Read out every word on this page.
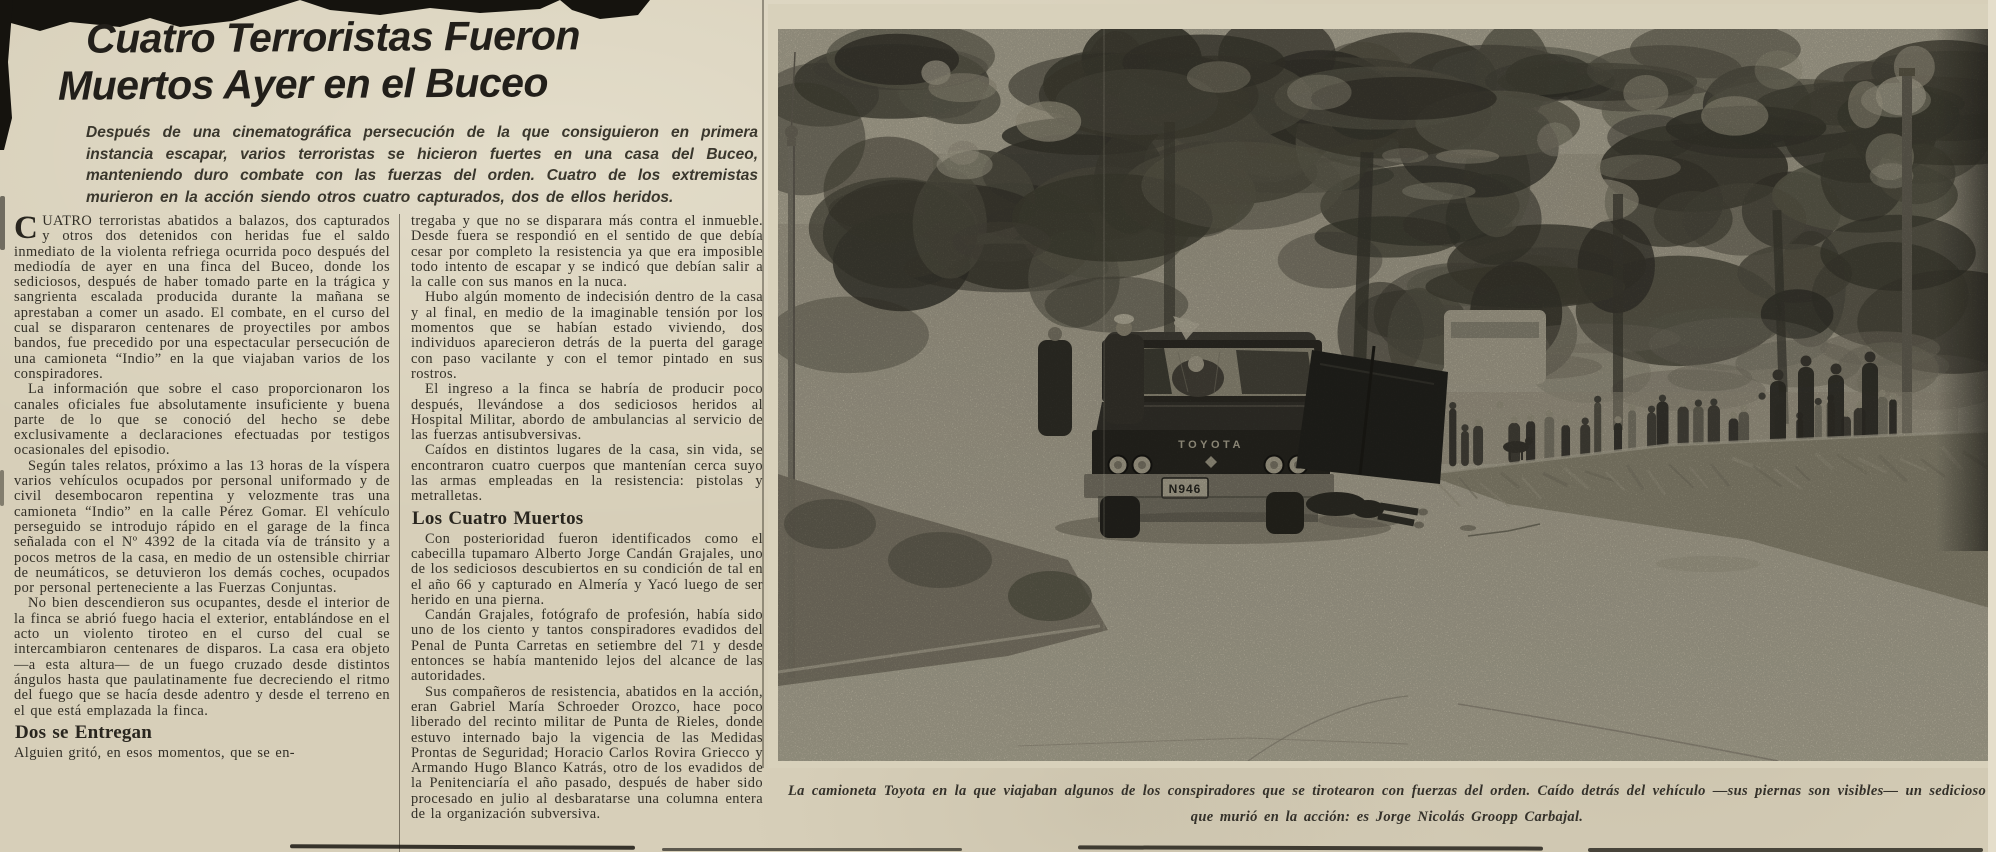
Cuatro Terroristas Fueron
Muertos Ayer en el Buceo
Después de una cinematográfica persecución de la que consiguieron en primera instancia escapar, varios terroristas se hicieron fuertes en una casa del Buceo, manteniendo duro combate con las fuerzas del orden. Cuatro de los extremistas murieron en la acción siendo otros cuatro capturados, dos de ellos heridos.

CUATRO terroristas abatidos a balazos, dos capturados y otros dos detenidos con heridas fue el saldo inmediato de la violenta refriega ocurrida poco después del mediodía de ayer en una finca del Buceo, donde los sediciosos, después de haber tomado parte en la trágica y sangrienta escalada producida durante la mañana se aprestaban a comer un asado. El combate, en el curso del cual se dispararon centenares de proyectiles por ambos bandos, fue precedido por una espectacular persecución de una camioneta “Indio” en la que viajaban varios de los conspiradores.

La información que sobre el caso proporcionaron los canales oficiales fue absolutamente insuficiente y buena parte de lo que se conoció del hecho se debe exclusivamente a declaraciones efectuadas por testigos ocasionales del episodio.

Según tales relatos, próximo a las 13 horas de la víspera varios vehículos ocupados por personal uniformado y de civil desembocaron repentina y velozmente tras una camioneta “Indio” en la calle Pérez Gomar. El vehículo perseguido se introdujo rápido en el garage de la finca señalada con el Nº 4392 de la citada vía de tránsito y a pocos metros de la casa, en medio de un ostensible chirriar de neumáticos, se detuvieron los demás coches, ocupados por personal perteneciente a las Fuerzas Conjuntas.

No bien descendieron sus ocupantes, desde el interior de la finca se abrió fuego hacia el exterior, entablándose en el acto un violento tiroteo en el curso del cual se intercambiaron centenares de disparos. La casa era objeto —a esta altura— de un fuego cruzado desde distintos ángulos hasta que paulatinamente fue decreciendo el ritmo del fuego que se hacía desde adentro y desde el terreno en el que está emplazada la finca.

Dos se Entregan

Alguien gritó, en esos momentos, que se en-

tregaba y que no se disparara más contra el inmueble. Desde fuera se respondió en el sentido de que debía cesar por completo la resistencia ya que era imposible todo intento de escapar y se indicó que debían salir a la calle con sus manos en la nuca.

Hubo algún momento de indecisión dentro de la casa y al final, en medio de la imaginable tensión por los momentos que se habían estado viviendo, dos individuos aparecieron detrás de la puerta del garage con paso vacilante y con el temor pintado en sus rostros.

El ingreso a la finca se habría de producir poco después, llevándose a dos sediciosos heridos al Hospital Militar, abordo de ambulancias al servicio de las fuerzas antisubversivas.

Caídos en distintos lugares de la casa, sin vida, se encontraron cuatro cuerpos que mantenían cerca suyo las armas empleadas en la resistencia: pistolas y metralletas.

Los Cuatro Muertos

Con posterioridad fueron identificados como el cabecilla tupamaro Alberto Jorge Candán Grajales, uno de los sediciosos descubiertos en su condición de tal en el año 66 y capturado en Almería y Yacó luego de ser herido en una pierna.

Candán Grajales, fotógrafo de profesión, había sido uno de los ciento y tantos conspiradores evadidos del Penal de Punta Carretas en setiembre del 71 y desde entonces se había mantenido lejos del alcance de las autoridades.

Sus compañeros de resistencia, abatidos en la acción, eran Gabriel María Schroeder Orozco, hace poco liberado del recinto militar de Punta de Rieles, donde estuvo internado bajo la vigencia de las Medidas Prontas de Seguridad; Horacio Carlos Rovira Griecco y Armando Hugo Blanco Katrás, otro de los evadidos de la Penitenciaría el año pasado, después de haber sido procesado en julio al desbaratarse una columna entera de la organización subversiva.

TOYOTA
N946
La camioneta Toyota en la que viajaban algunos de los conspiradores que se tirotearon con fuerzas del orden. Caído detrás del vehículo —sus piernas son visibles— un sedicioso que murió en la acción: es Jorge Nicolás Groopp Carbajal.
